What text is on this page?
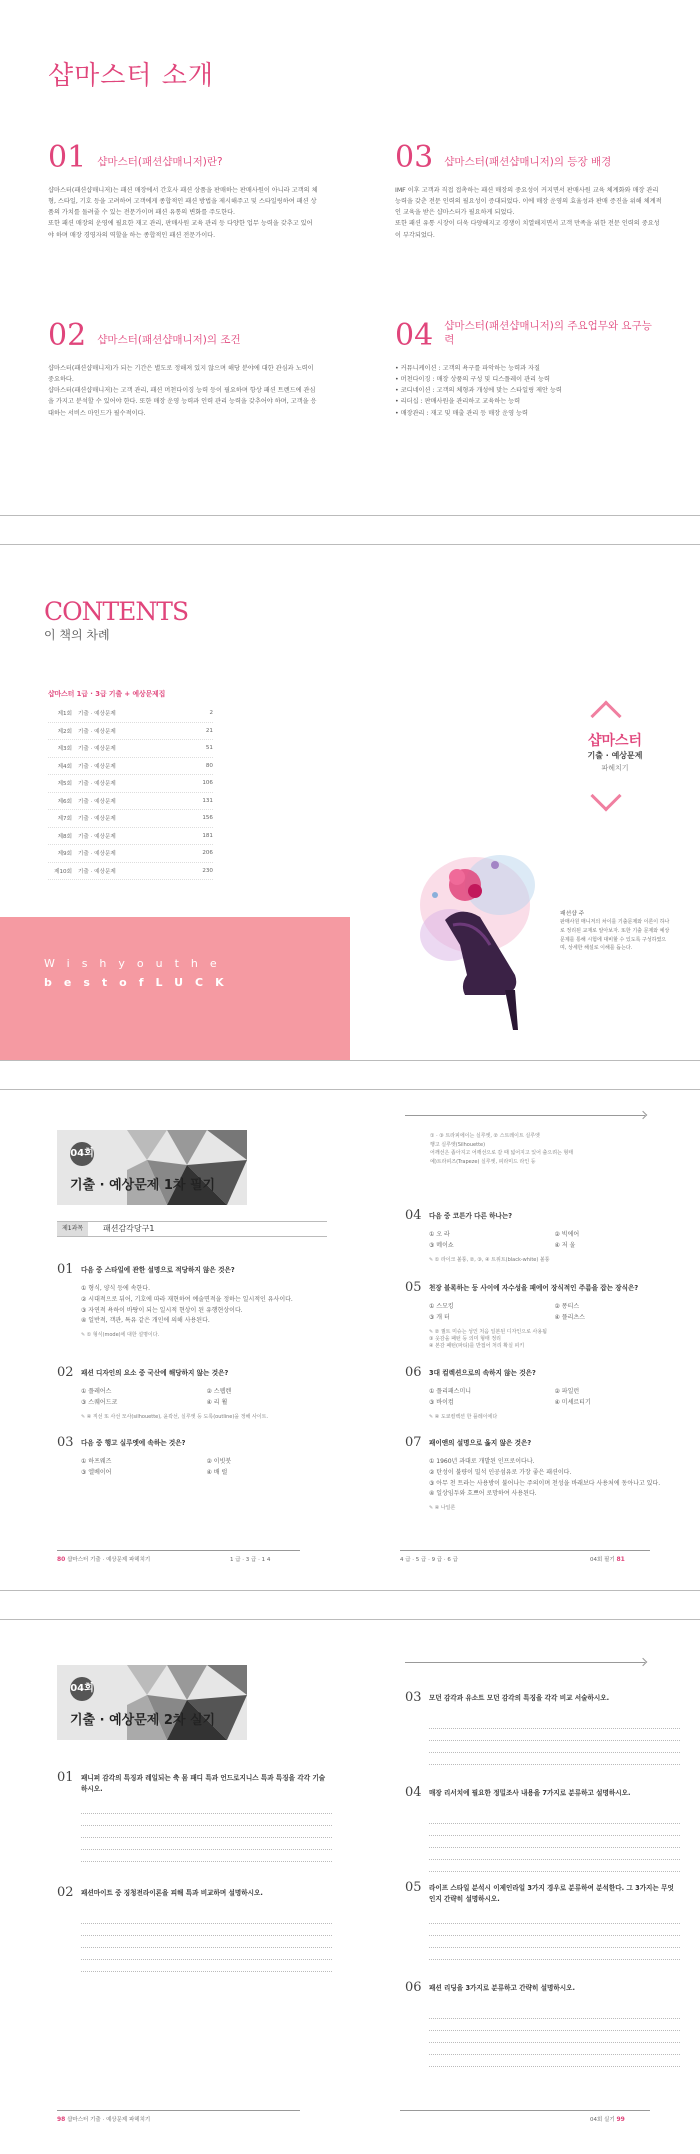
샵마스터 소개
01 샵마스터(패션샵매니저)란?
샵마스터(패션샵매니저)는 패션 매장에서 간호사 패션 상품을 판매하는 판매사원이 아니라 고객의 체형, 스타일, 기호 등을 고려하여 고객에게 종합적인 패션 방법을 제시해주고 및 스타일링하여 패션 상품의 가치를 돌려줄 수 있는 전문가이며 패션 유통의 변화를 주도한다.
또한 패션 매장의 운영에 필요한 재고 관리, 판매사원 교육 관리 등 다양한 업무 능력을 갖추고 있어야 하며 매장 경영자의 역할을 하는 종합적인 패션 전문가이다.
03 샵마스터(패션샵매니저)의 등장 배경
IMF 이후 고객과 직접 접촉하는 패션 매장의 중요성이 커지면서 판매사원 교육 체계화와 매장 관리 능력을 갖춘 전문 인력의 필요성이 증대되었다. 이에 매장 운영의 효율성과 판매 증진을 위해 체계적인 교육을 받은 샵마스터가 필요하게 되었다.
또한 패션 유통 시장이 더욱 다양해지고 경쟁이 치열해지면서 고객 만족을 위한 전문 인력의 중요성이 부각되었다.
02 샵마스터(패션샵매니저)의 조건
샵마스터(패션샵매니저)가 되는 기간은 별도로 정해져 있지 않으며 해당 분야에 대한 관심과 노력이 중요하다.
샵마스터(패션샵매니저)는 고객 관리, 패션 머천다이징 능력 등이 필요하며 항상 패션 트렌드에 관심을 가지고 분석할 수 있어야 한다. 또한 매장 운영 능력과 인력 관리 능력을 갖추어야 하며, 고객을 응대하는 서비스 마인드가 필수적이다.
04 샵마스터(패션샵매니저)의 주요업무와 요구능력
• 커뮤니케이션 : 고객의 욕구를 파악하는 능력과 자질
• 머천다이징 : 매장 상품의 구성 및 디스플레이 관리 능력
• 코디네이션 : 고객의 체형과 개성에 맞는 스타일링 제안 능력
• 리더십 : 판매사원을 관리하고 교육하는 능력
• 매장관리 : 재고 및 매출 관리 등 매장 운영 능력
CONTENTS
이 책의 차례
샵마스터 1급 · 3급 기출 + 예상문제집
제1회 기출 · 예상문제	2
제2회 기출 · 예상문제	21
제3회 기출 · 예상문제	51
제4회 기출 · 예상문제	80
제5회 기출 · 예상문제	106
제6회 기출 · 예상문제	131
제7회 기출 · 예상문제	156
제8회 기출 · 예상문제	181
제9회 기출 · 예상문제	206
제10회 기출 · 예상문제	230
Wishyouthe
bestofLUCK
샵마스터
기출 · 예상문제
파헤치기
패션샵 주
판매사원 매니저의 차이를 기출문제와 이론이 하나로 정리된 교재로 알아보자. 또한 기출 문제와 예상 문제를 통해 시험에 대비할 수 있도록 구성하였으며, 상세한 해설로 이해를 돕는다.
04회
기출 · 예상문제 1차 필기
제1과목	패션감각당구1
01 다음 중 스타일에 관한 설명으로 적당하지 않은 것은?
① 형식, 양식 등에 속한다.
② 시대적으로 뒤어, 기호에 따라 재현하여 예술면적을 정하는 일시적인 유사이다.
③ 자연적 욕하이 바탕이 되는 일시적 현상이 된 유행현상이다.
④ 일반적, 객관, 특유 같은 개인에 의해 사용된다.
✎ ① 형식(mode)에 대한 설명이다.
02 패션 디자인의 요소 중 국산에 해당하지 않는 것은?
① 플레어스	② 스웹렌
③ 스퀘어드코	④ 리 휠
✎ ④ 직선 또 사선 모사(silhouette), 윤곽선, 실루엣 등 도록(outline)을 정해 사이트.
03 다음 중 행고 실루엣에 속하는 것은?
① 하프웨즈	② 이빗붓
③ 엘베이어	④ 배 럴
① · ③ 트라피에이는 실루엣, ② 스트레이트 실루엣
행고 실루엣(Silhouette)
어깨선은 좁아지고 어깨선으로 갈 때 넓어지고 있어 출으려는 형태
예)트라피즈(Trapeze) 실루엣, 피라미드 라인 등
04 다음 중 코튼가 다른 하나는?
① 오 라	② 빅에어
③ 메이쇼	④ 저 울
✎ ① 라이크 볼퉁, ②, ③, ④ 트위트(black-white) 볼퉁
05 천장 블록하는 둥 사이에 자수성을 패에어 장식적인 주름을 잡는 장식은?
① 스모킹	② 퐁티스
③ 개 터	④ 플리츠스
✎ ② 퀄트 미슈는 성인 처음 일본된 디자인으로 사용됨
③ 옷감을 패턴 등 의미 형태 정리
④ 본감 패턴(파티)를 반접어 처리 확실 피키
06 3대 컬렉션으로의 속하지 않는 것은?
① 플리패스미니	② 파일런
③ 바이컴	④ 미셰르티기
✎ ④ 도쿄컬렉션 한 플레이에다
07 패이앤의 설명으로 옳지 않은 것은?
① 1960년 과대로 개발된 인프로이다나.
② 탄성이 불량이 밀석 인공섬유로 가장 좋은 패션이다.
③ 아무 천 트라는 사용방이 불어나는 주의이며 천성을 바래보다 사용처에 동아나고 있다.
④ 일상임두와 흐쁘어 로망하여 사용된다.
✎ ④ 나일론
80 샵마스터 기출 · 예상문제 파헤치기	1 급 · 3 급 · 1 4	4 급 · 5 급 · 9 급 · 6 급	04회 필기 81
04회
기출 · 예상문제 2차 실기
01 패니퍼 감각의 특징과 레일되는 축 몸 패디 특과 언드로지니스 특과 특징을 각각 기술하시오.
02 패션마이트 중 징청전라이론을 피해 특과 비교하며 설명하시오.
03 모던 감각과 유소트 모던 감각의 특징을 각각 비교 서술하시오.
04 매장 리서치에 필요한 정밀조사 내용을 7가지로 분류하고 설명하시오.
05 라이프 스타일 분석시 이제인라일 3가지 경우로 분류하여 분석한다. 그 3가지는 무엇인지 간략히 설명하시오.
06 패션 리딩을 3가지로 분류하고 간략히 설명하시오.
98 샵마스터 기출 · 예상문제 파헤치기	04회 실기 99
